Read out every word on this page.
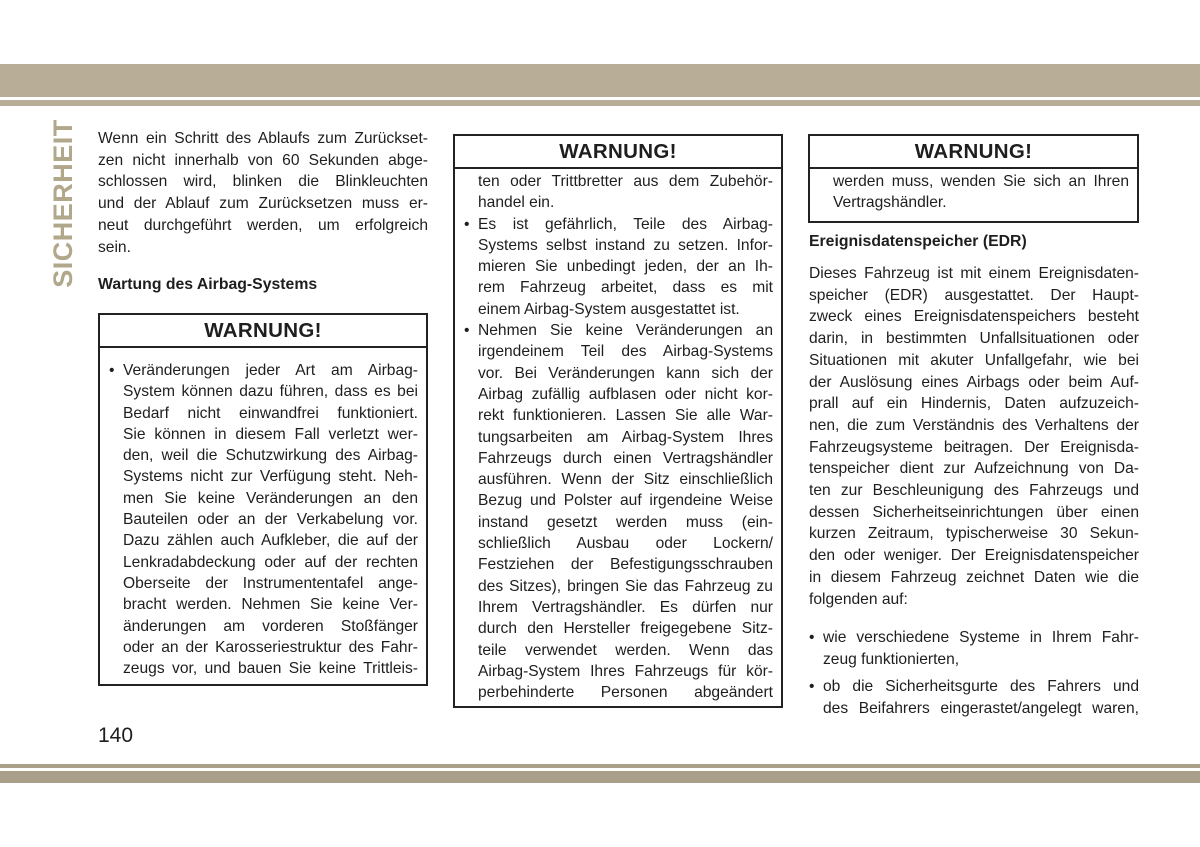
SICHERHEIT Wenn ein Schritt des Ablaufs zum Zurückset-
zen nicht innerhalb von 60 Sekunden abge-
schlossen wird, blinken die Blinkleuchten
und der Ablauf zum Zurücksetzen muss er-
neut durchgeführt werden, um erfolgreich
sein.
Wartung des Airbag-Systems
WARNUNG!
• Veränderungen jeder Art am Airbag-
System können dazu führen, dass es bei
Bedarf nicht einwandfrei funktioniert.
Sie können in diesem Fall verletzt wer-
den, weil die Schutzwirkung des Airbag-
Systems nicht zur Verfügung steht. Neh-
men Sie keine Veränderungen an den
Bauteilen oder an der Verkabelung vor.
Dazu zählen auch Aufkleber, die auf der
Lenkradabdeckung oder auf der rechten
Oberseite der Instrumententafel ange-
bracht werden. Nehmen Sie keine Ver-
änderungen am vorderen Stoßfänger
oder an der Karosseriestruktur des Fahr-
zeugs vor, und bauen Sie keine Trittleis-
WARNUNG!
ten oder Trittbretter aus dem Zubehör-
handel ein.
• Es ist gefährlich, Teile des Airbag-
Systems selbst instand zu setzen. Infor-
mieren Sie unbedingt jeden, der an Ih-
rem Fahrzeug arbeitet, dass es mit
einem Airbag-System ausgestattet ist.
• Nehmen Sie keine Veränderungen an
irgendeinem Teil des Airbag-Systems
vor. Bei Veränderungen kann sich der
Airbag zufällig aufblasen oder nicht kor-
rekt funktionieren. Lassen Sie alle War-
tungsarbeiten am Airbag-System Ihres
Fahrzeugs durch einen Vertragshändler
ausführen. Wenn der Sitz einschließlich
Bezug und Polster auf irgendeine Weise
instand gesetzt werden muss (ein-
schließlich Ausbau oder Lockern/
Festziehen der Befestigungsschrauben
des Sitzes), bringen Sie das Fahrzeug zu
Ihrem Vertragshändler. Es dürfen nur
durch den Hersteller freigegebene Sitz-
teile verwendet werden. Wenn das
Airbag-System Ihres Fahrzeugs für kör-
perbehinderte Personen abgeändert
WARNUNG!
werden muss, wenden Sie sich an Ihren
Vertragshändler.
Ereignisdatenspeicher (EDR)
Dieses Fahrzeug ist mit einem Ereignisdaten-
speicher (EDR) ausgestattet. Der Haupt-
zweck eines Ereignisdatenspeichers besteht
darin, in bestimmten Unfallsituationen oder
Situationen mit akuter Unfallgefahr, wie bei
der Auslösung eines Airbags oder beim Auf-
prall auf ein Hindernis, Daten aufzuzeich-
nen, die zum Verständnis des Verhaltens der
Fahrzeugsysteme beitragen. Der Ereignisda-
tenspeicher dient zur Aufzeichnung von Da-
ten zur Beschleunigung des Fahrzeugs und
dessen Sicherheitseinrichtungen über einen
kurzen Zeitraum, typischerweise 30 Sekun-
den oder weniger. Der Ereignisdatenspeicher
in diesem Fahrzeug zeichnet Daten wie die
folgenden auf:
• wie verschiedene Systeme in Ihrem Fahr-
zeug funktionierten,
• ob die Sicherheitsgurte des Fahrers und
des Beifahrers eingerastet/angelegt waren,
140
